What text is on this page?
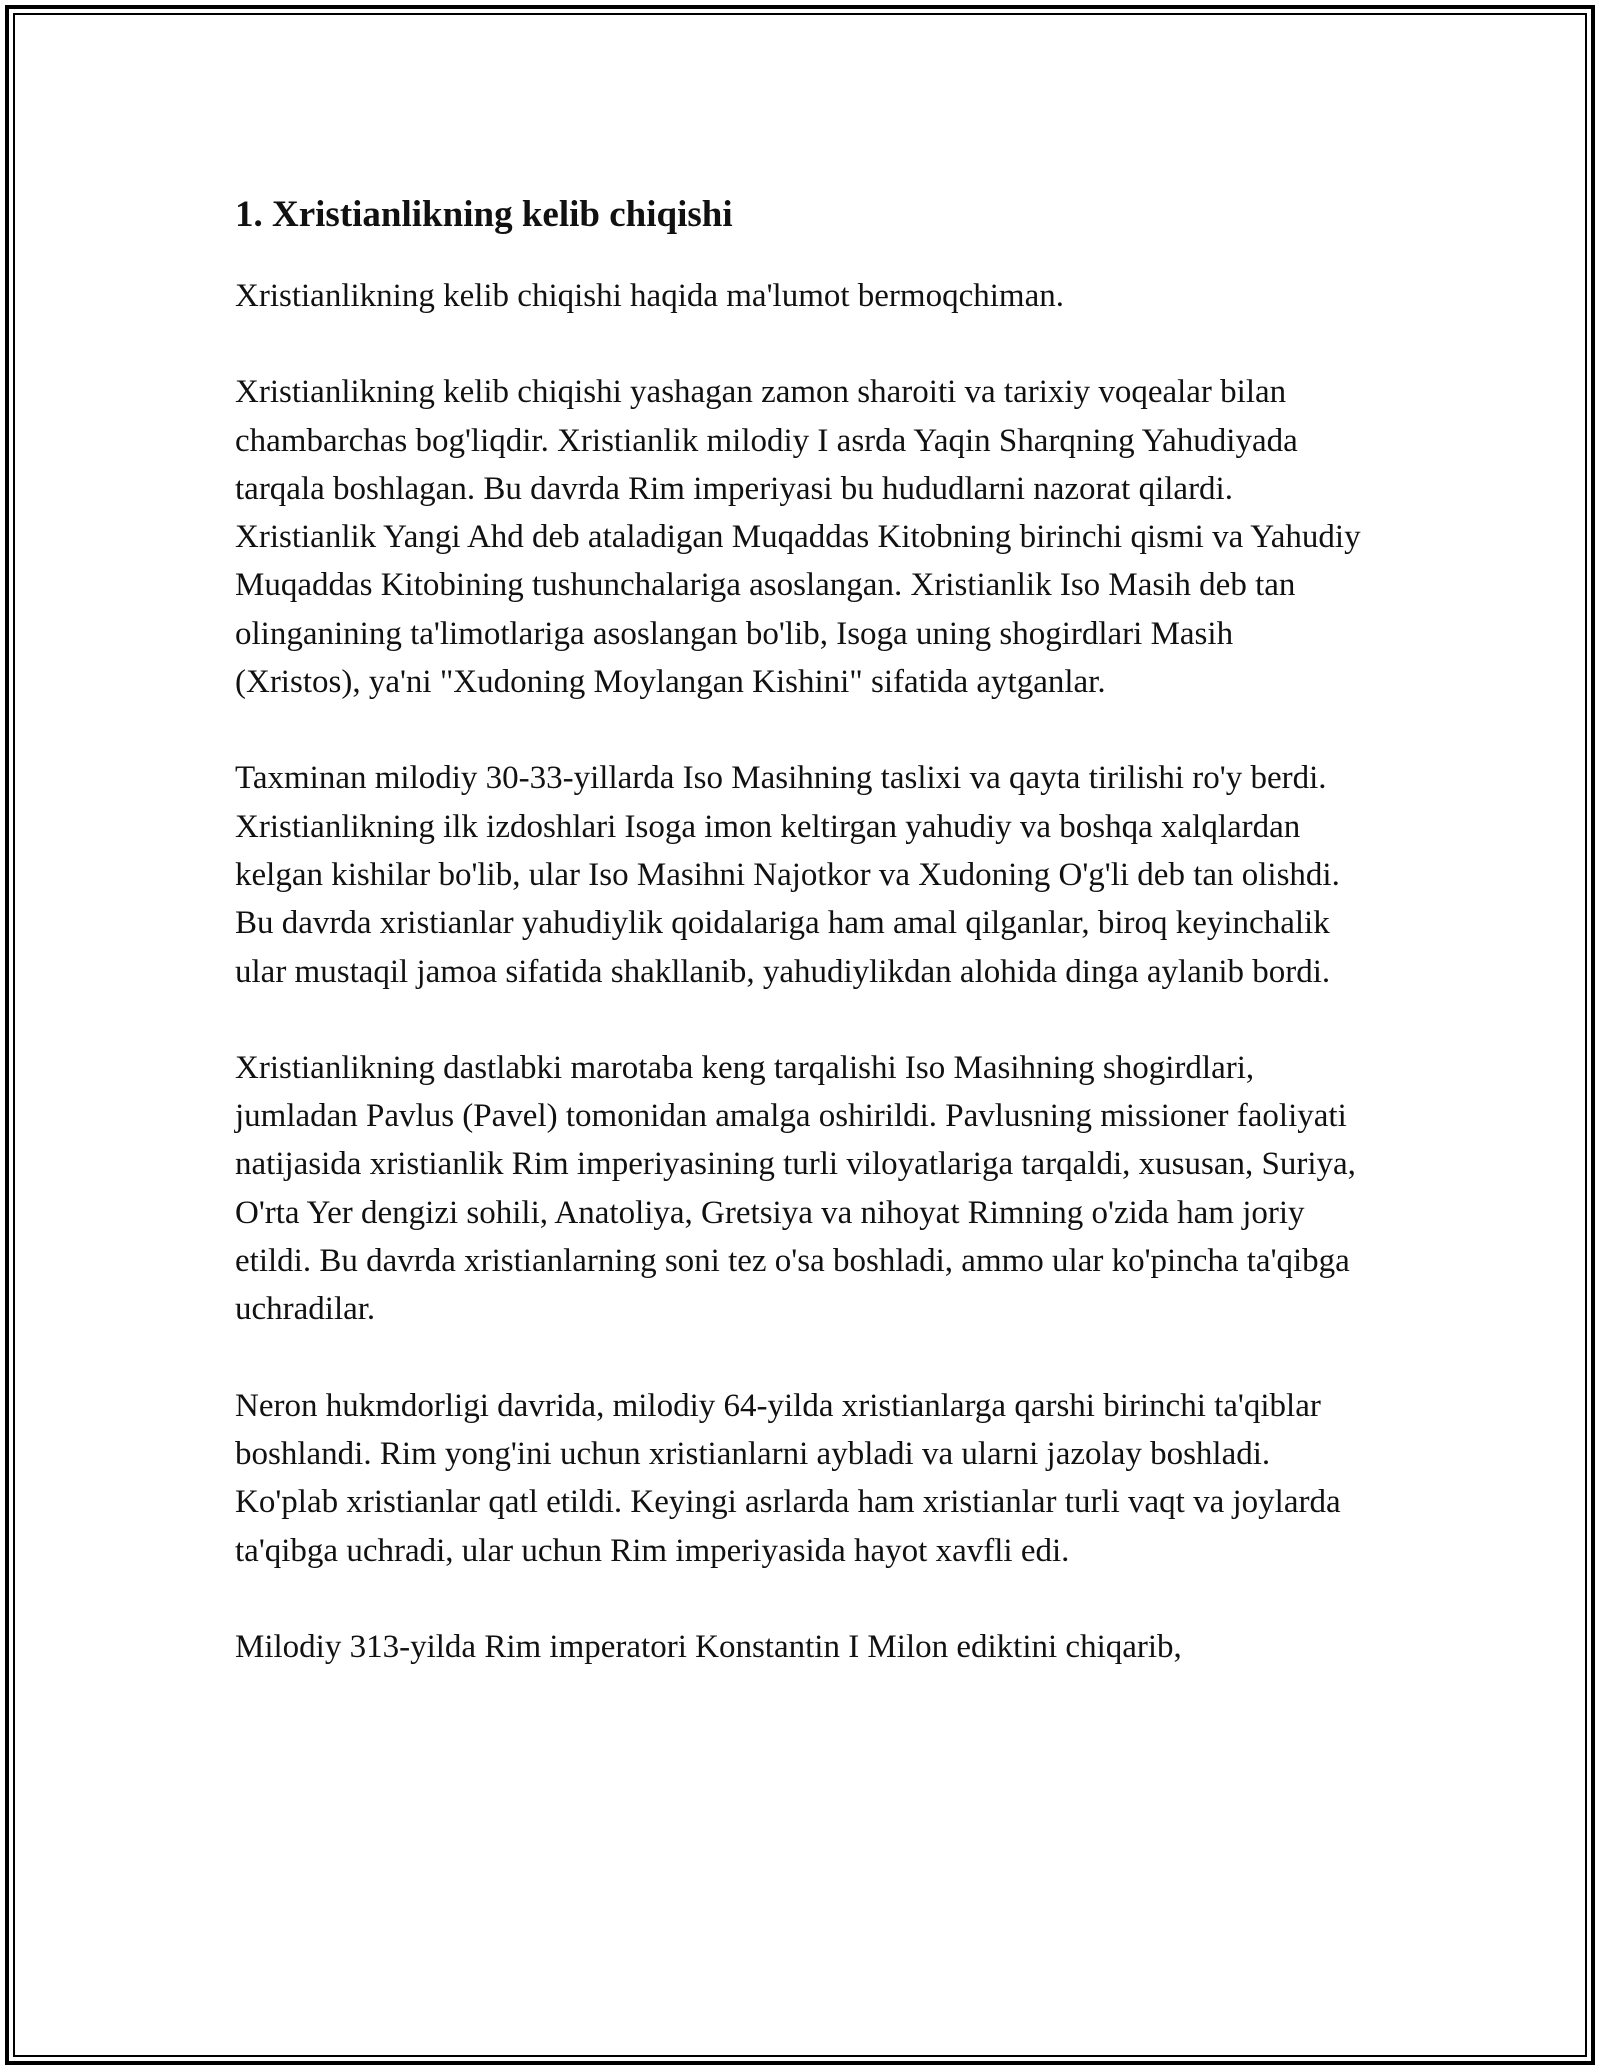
1. Xristianlikning kelib chiqishi

Xristianlikning kelib chiqishi haqida ma'lumot bermoqchiman.

Xristianlikning kelib chiqishi yashagan zamon sharoiti va tarixiy voqealar bilan chambarchas bog'liqdir. Xristianlik milodiy I asrda Yaqin Sharqning Yahudiyada tarqala boshlagan. Bu davrda Rim imperiyasi bu hududlarni nazorat qilardi. Xristianlik Yangi Ahd deb ataladigan Muqaddas Kitobning birinchi qismi va Yahudiy Muqaddas Kitobining tushunchalariga asoslangan. Xristianlik Iso Masih deb tan olinganining ta'limotlariga asoslangan bo'lib, Isoga uning shogirdlari Masih (Xristos), ya'ni "Xudoning Moylangan Kishini" sifatida aytganlar.

Taxminan milodiy 30-33-yillarda Iso Masihning taslixi va qayta tirilishi ro'y berdi. Xristianlikning ilk izdoshlari Isoga imon keltirgan yahudiy va boshqa xalqlardan kelgan kishilar bo'lib, ular Iso Masihni Najotkor va Xudoning O'g'li deb tan olishdi. Bu davrda xristianlar yahudiylik qoidalariga ham amal qilganlar, biroq keyinchalik ular mustaqil jamoa sifatida shakllanib, yahudiylikdan alohida dinga aylanib bordi.

Xristianlikning dastlabki marotaba keng tarqalishi Iso Masihning shogirdlari, jumladan Pavlus (Pavel) tomonidan amalga oshirildi. Pavlusning missioner faoliyati natijasida xristianlik Rim imperiyasining turli viloyatlariga tarqaldi, xususan, Suriya, O'rta Yer dengizi sohili, Anatoliya, Gretsiya va nihoyat Rimning o'zida ham joriy etildi. Bu davrda xristianlarning soni tez o'sa boshladi, ammo ular ko'pincha ta'qibga uchradilar.

Neron hukmdorligi davrida, milodiy 64-yilda xristianlarga qarshi birinchi ta'qiblar boshlandi. Rim yong'ini uchun xristianlarni aybladi va ularni jazolay boshladi. Ko'plab xristianlar qatl etildi. Keyingi asrlarda ham xristianlar turli vaqt va joylarda ta'qibga uchradi, ular uchun Rim imperiyasida hayot xavfli edi.

Milodiy 313-yilda Rim imperatori Konstantin I Milon ediktini chiqarib,
